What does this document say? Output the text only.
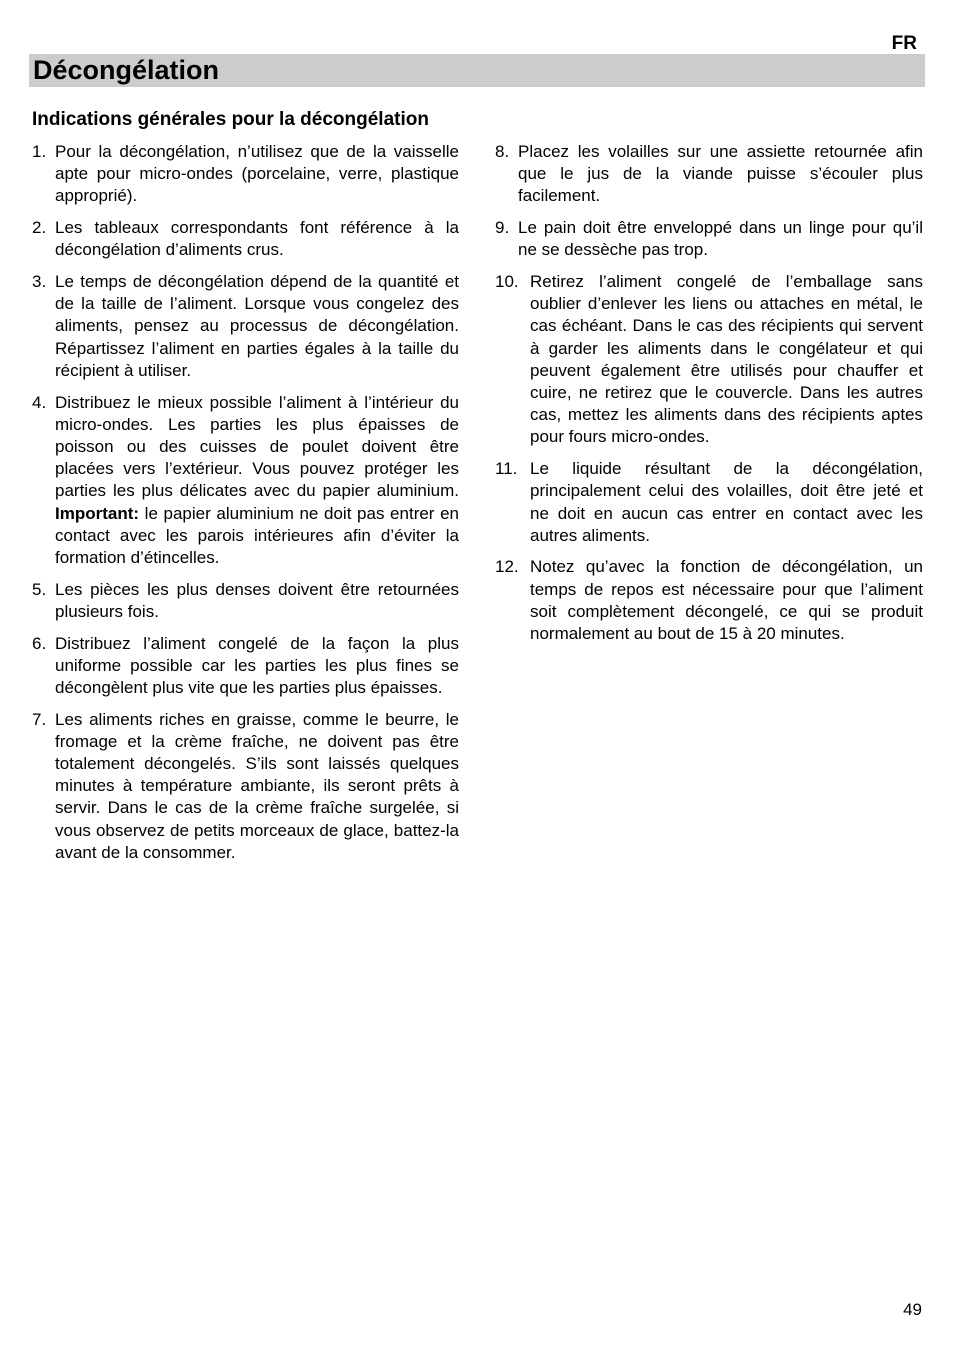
FR
Décongélation
Indications générales pour la décongélation
1. Pour la décongélation, n’utilisez que de la vaisselle apte pour micro-ondes (porcelaine, verre, plastique approprié).
2. Les tableaux correspondants font référence à la décongélation d’aliments crus.
3. Le temps de décongélation dépend de la quantité et de la taille de l’aliment. Lorsque vous congelez des aliments, pensez au processus de décongélation. Répartissez l’aliment en parties égales à la taille du récipient à utiliser.
4. Distribuez le mieux possible l’aliment à l’intérieur du micro-ondes. Les parties les plus épaisses de poisson ou des cuisses de poulet doivent être placées vers l’extérieur. Vous pouvez protéger les parties les plus délicates avec du papier aluminium. Important: le papier aluminium ne doit pas entrer en contact avec les parois intérieures afin d’éviter la formation d’étincelles.
5. Les pièces les plus denses doivent être retournées plusieurs fois.
6. Distribuez l’aliment congelé de la façon la plus uniforme possible car les parties les plus fines se décongèlent plus vite que les parties plus épaisses.
7. Les aliments riches en graisse, comme le beurre, le fromage et la crème fraîche, ne doivent pas être totalement décongelés. S’ils sont laissés quelques minutes à température ambiante, ils seront prêts à servir. Dans le cas de la crème fraîche surgelée, si vous observez de petits morceaux de glace, battez-la avant de la consommer.
8. Placez les volailles sur une assiette retournée afin que le jus de la viande puisse s’écouler plus facilement.
9. Le pain doit être enveloppé dans un linge pour qu’il ne se dessèche pas trop.
10. Retirez l’aliment congelé de l’emballage sans oublier d’enlever les liens ou attaches en métal, le cas échéant. Dans le cas des récipients qui servent à garder les aliments dans le congélateur et qui peuvent également être utilisés pour chauffer et cuire, ne retirez que le couvercle. Dans les autres cas, mettez les aliments dans des récipients aptes pour fours micro-ondes.
11. Le liquide résultant de la décongélation, principalement celui des volailles, doit être jeté et ne doit en aucun cas entrer en contact avec les autres aliments.
12. Notez qu’avec la fonction de décongélation, un temps de repos est nécessaire pour que l’aliment soit complètement décongelé, ce qui se produit normalement au bout de 15 à 20 minutes.
49
